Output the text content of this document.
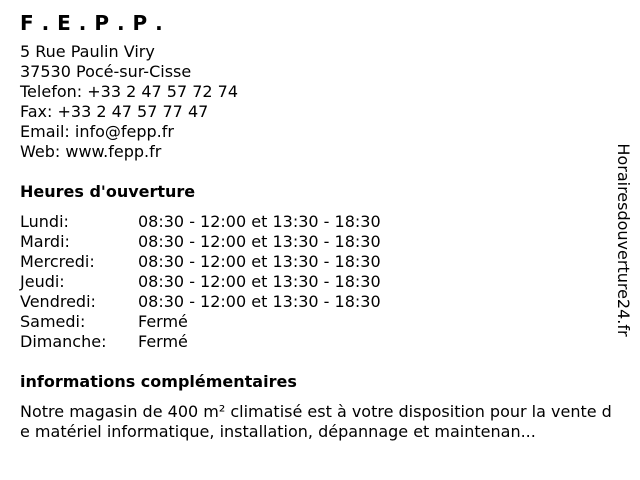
F . E . P . P .
5 Rue Paulin Viry
37530 Pocé-sur-Cisse
Telefon: +33 2 47 57 72 74
Fax: +33 2 47 57 77 47
Email: info@fepp.fr
Web: www.fepp.fr
Heures d'ouverture
Lundi:	08:30 - 12:00 et 13:30 - 18:30
Mardi:	08:30 - 12:00 et 13:30 - 18:30
Mercredi:	08:30 - 12:00 et 13:30 - 18:30
Jeudi:	08:30 - 12:00 et 13:30 - 18:30
Vendredi:	08:30 - 12:00 et 13:30 - 18:30
Samedi:	Fermé
Dimanche:	Fermé
informations complémentaires
Notre magasin de 400 m² climatisé est à votre disposition pour la vente de matériel informatique, installation, dépannage et maintenan...
Horairesdouverture24.fr
